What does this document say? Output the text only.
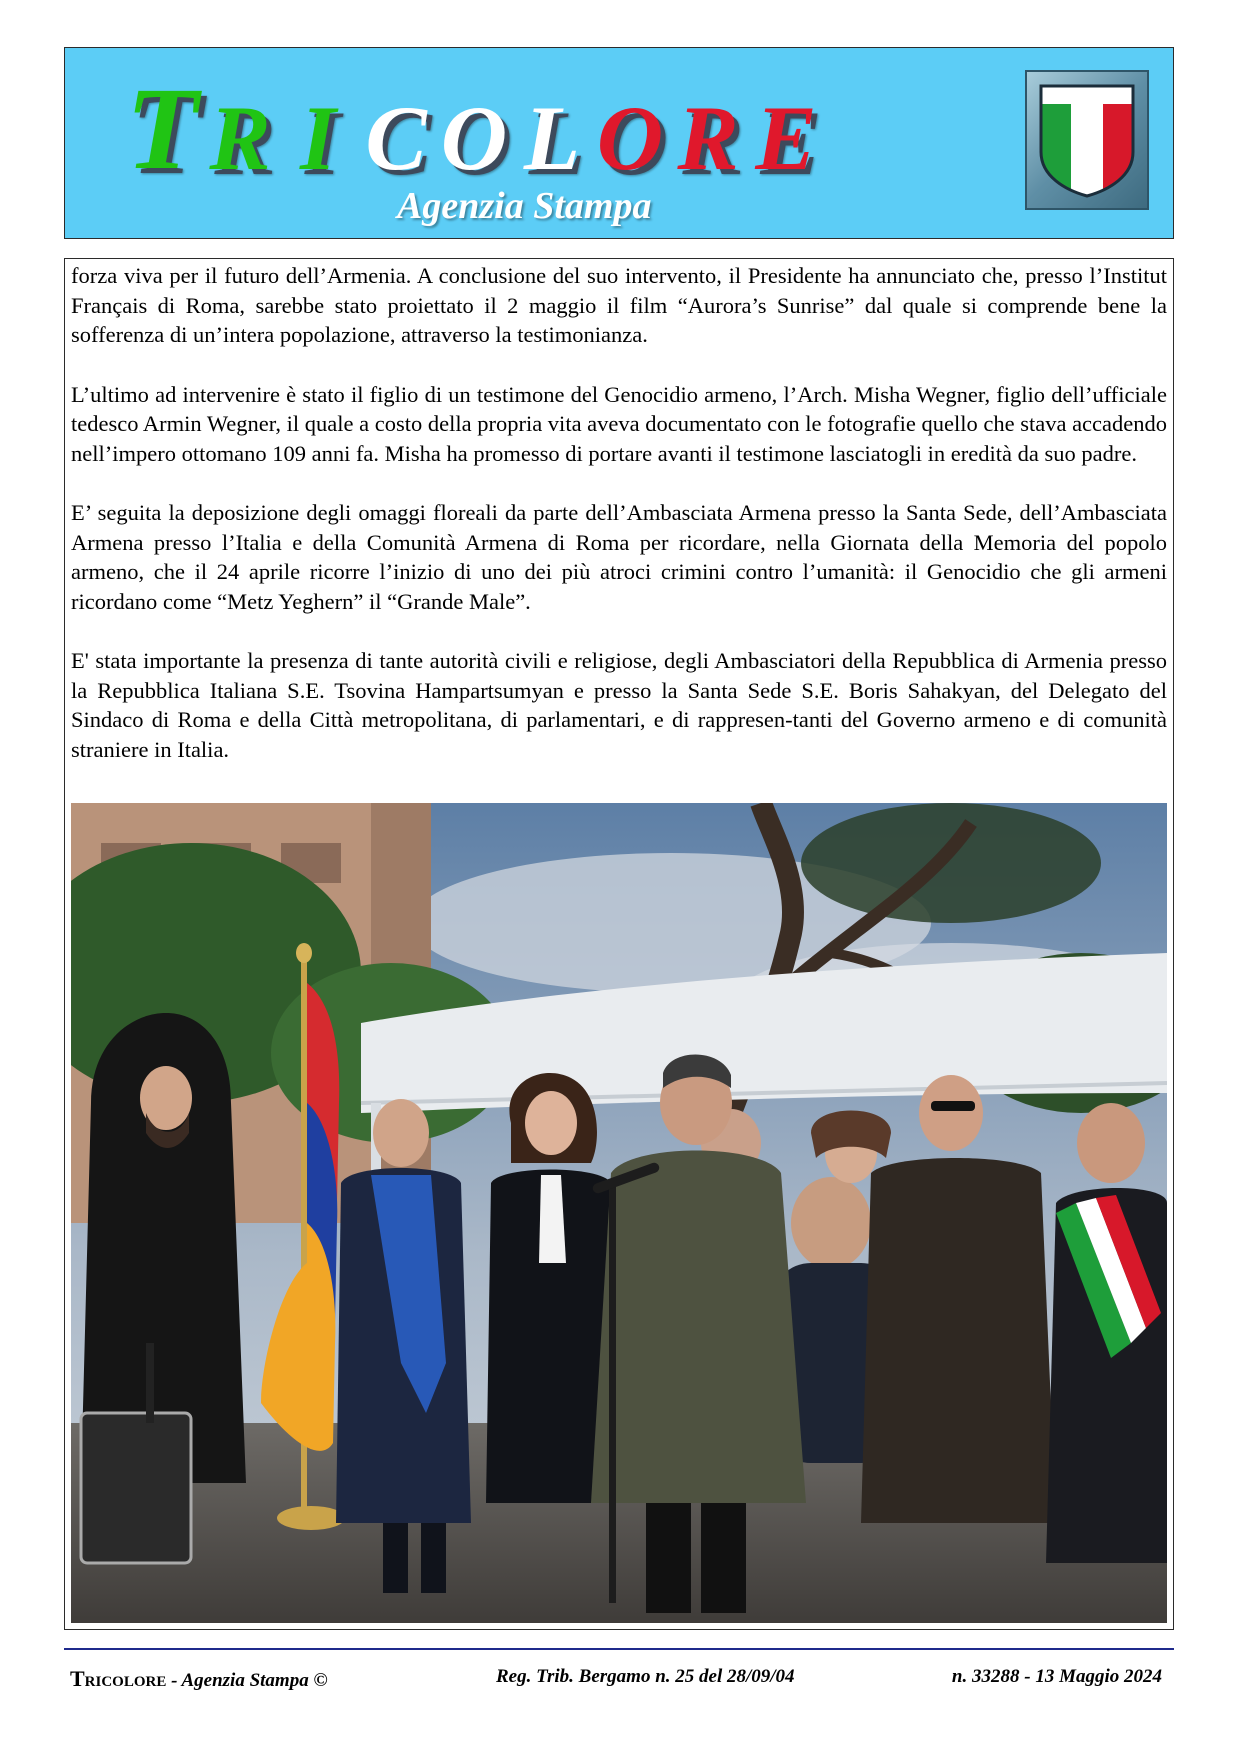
T R I C O L O R E
Agenzia Stampa

forza viva per il futuro dell’Armenia. A conclusione del suo intervento, il Presidente ha annunciato che, presso l’Institut Français di Roma, sarebbe stato proiettato il 2 maggio il film “Aurora’s Sunrise” dal quale si comprende bene la sofferenza di un’intera popolazione, attraverso la testimonianza.

L’ultimo ad intervenire è stato il figlio di un testimone del Genocidio armeno, l’Arch. Misha Wegner, figlio dell’ufficiale tedesco Armin Wegner, il quale a costo della propria vita aveva documentato con le fotografie quello che stava accadendo nell’impero ottomano 109 anni fa. Misha ha promesso di portare avanti il testimone lasciatogli in eredità da suo padre.

E’ seguita la deposizione degli omaggi floreali da parte dell’Ambasciata Armena presso la Santa Sede, dell’Ambasciata Armena presso l’Italia e della Comunità Armena di Roma per ricordare, nella Giornata della Memoria del popolo armeno, che il 24 aprile ricorre l’inizio di uno dei più atroci crimini contro l’umanità: il Genocidio che gli armeni ricordano come “Metz Yeghern” il “Grande Male”.

E' stata importante la presenza di tante autorità civili e religiose, degli Ambasciatori della Repubblica di Armenia presso la Repubblica Italiana S.E. Tsovina Hampartsumyan e presso la Santa Sede S.E. Boris Sahakyan, del Delegato del Sindaco di Roma e della Città metropolitana, di parlamentari, e di rappresen-tanti del Governo armeno e di comunità straniere in Italia.

Tricolore - Agenzia Stampa ©	Reg. Trib. Bergamo n. 25 del 28/09/04	n. 33288 - 13 Maggio 2024
